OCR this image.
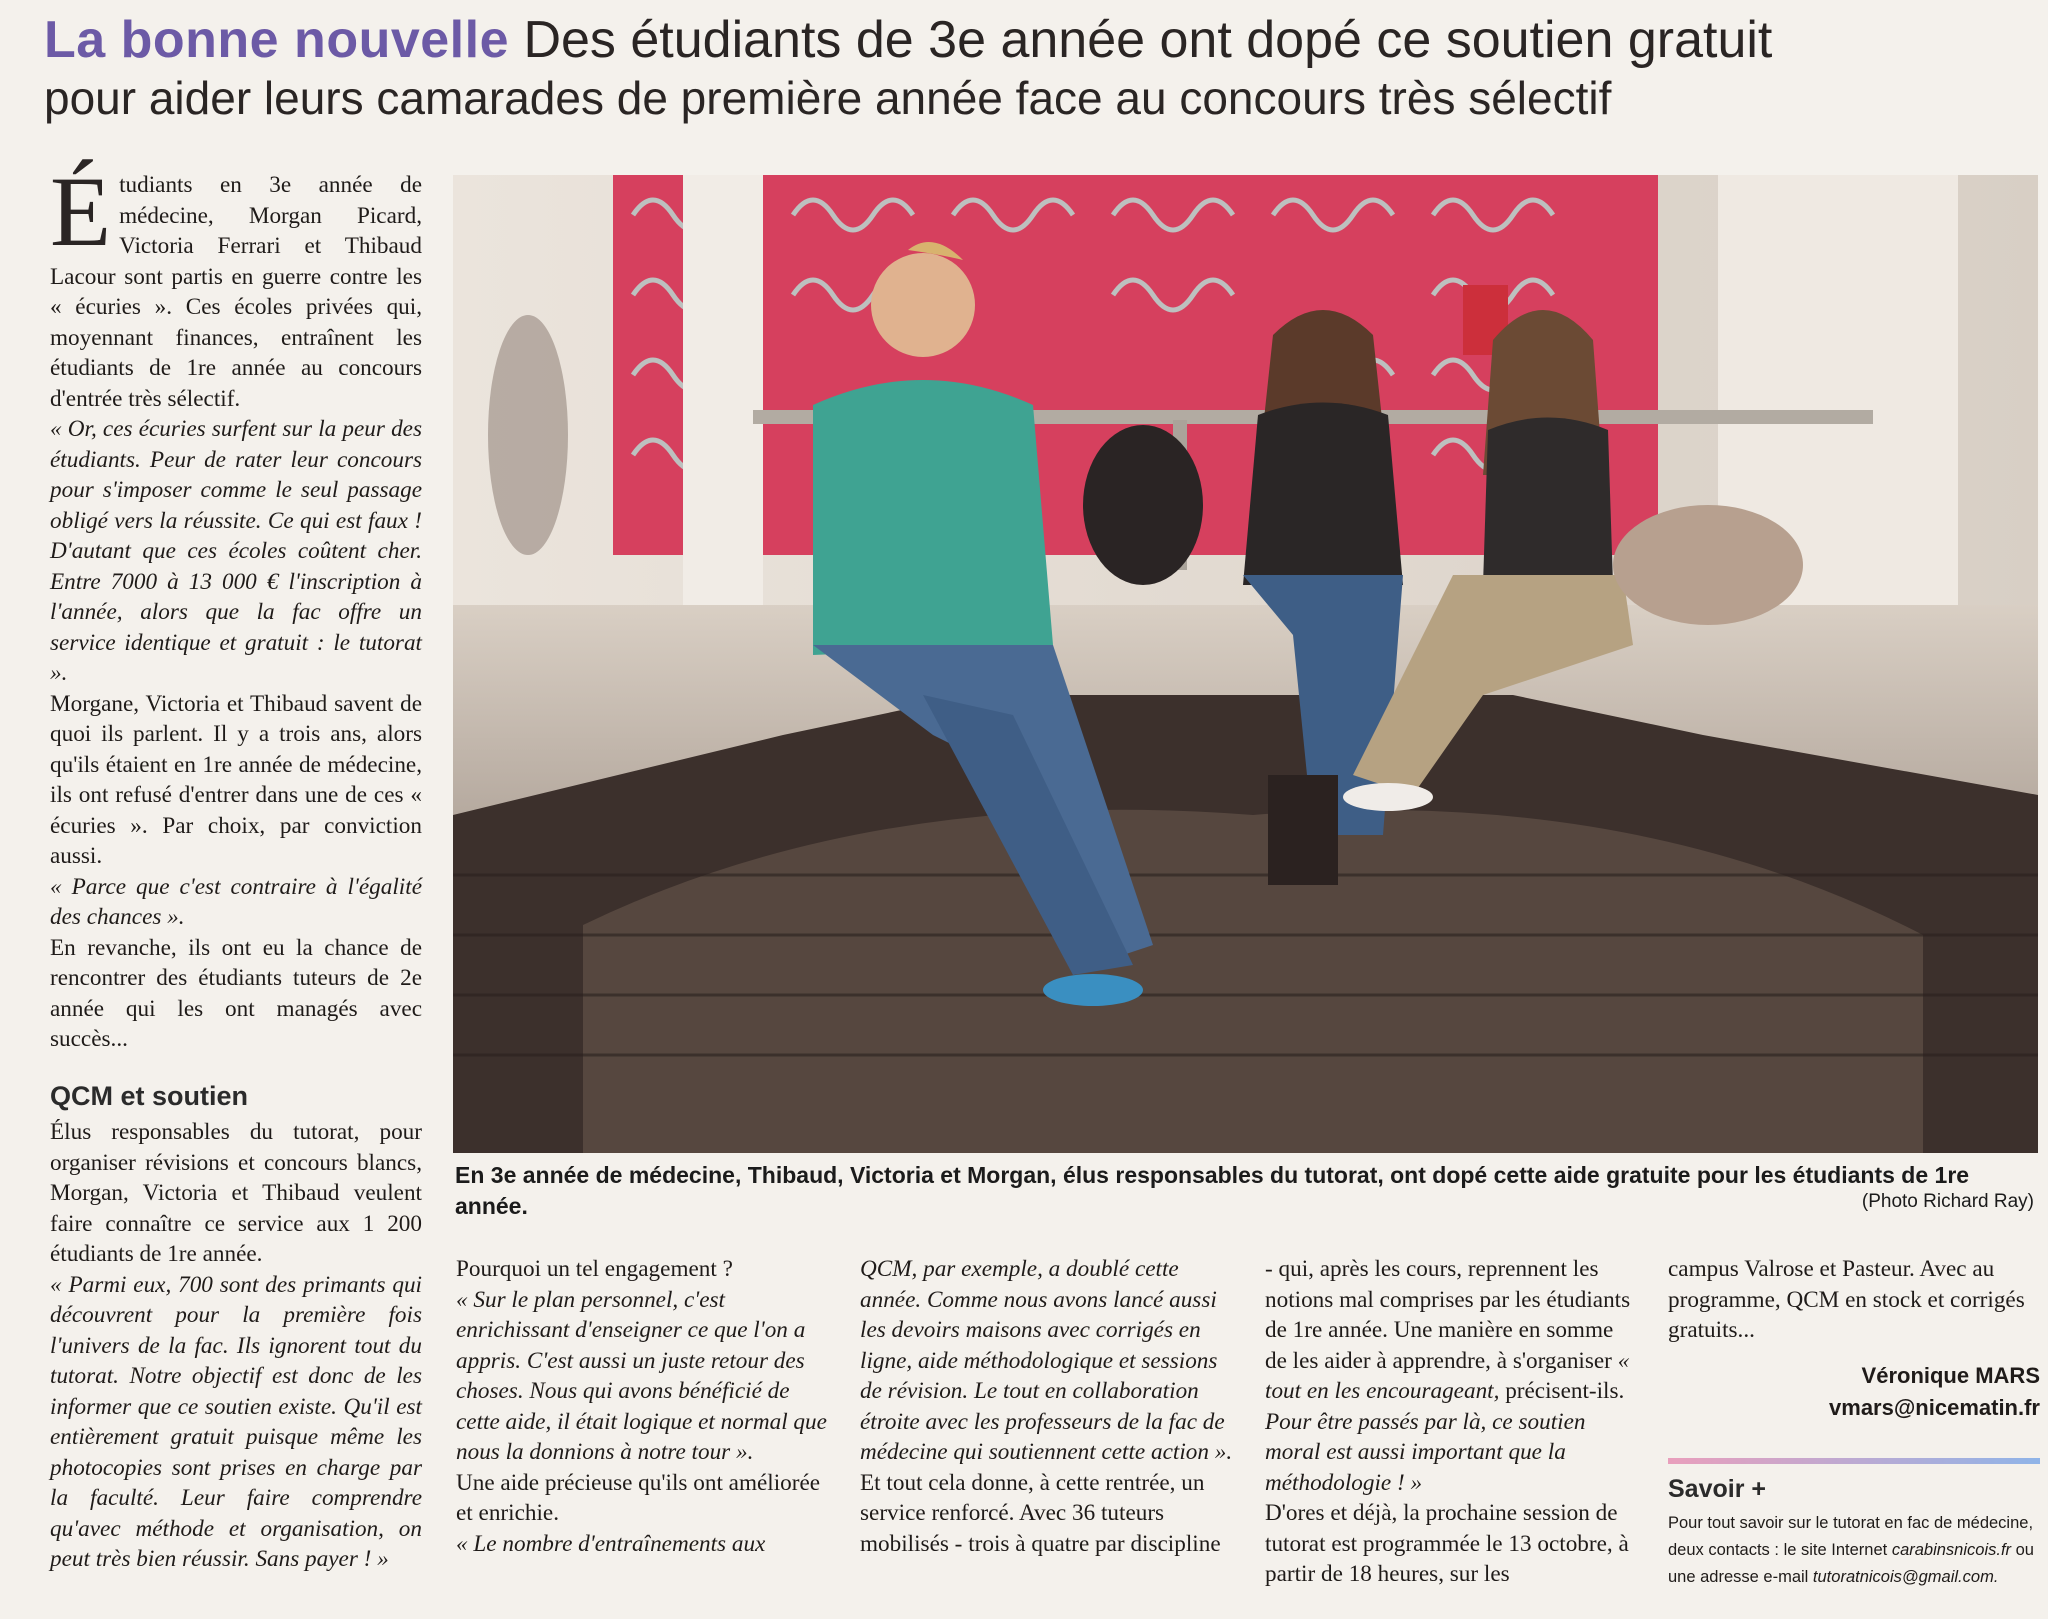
La bonne nouvelle Des étudiants de 3e année ont dopé ce soutien gratuit
pour aider leurs camarades de première année face au concours très sélectif

Étudiants en 3e année de médecine, Morgan Picard, Victoria Ferrari et Thibaud Lacour sont partis en guerre contre les « écuries ». Ces écoles privées qui, moyennant finances, entraînent les étudiants de 1re année au concours d'entrée très sélectif.

« Or, ces écuries surfent sur la peur des étudiants. Peur de rater leur concours pour s'imposer comme le seul passage obligé vers la réussite. Ce qui est faux ! D'autant que ces écoles coûtent cher. Entre 7000 à 13 000 € l'inscription à l'année, alors que la fac offre un service identique et gratuit : le tutorat ».

Morgane, Victoria et Thibaud savent de quoi ils parlent. Il y a trois ans, alors qu'ils étaient en 1re année de médecine, ils ont refusé d'entrer dans une de ces « écuries ». Par choix, par conviction aussi.

« Parce que c'est contraire à l'égalité des chances ».

En revanche, ils ont eu la chance de rencontrer des étudiants tuteurs de 2e année qui les ont managés avec succès...

QCM et soutien

Élus responsables du tutorat, pour organiser révisions et concours blancs, Morgan, Victoria et Thibaud veulent faire connaître ce service aux 1 200 étudiants de 1re année.

« Parmi eux, 700 sont des primants qui découvrent pour la première fois l'univers de la fac. Ils ignorent tout du tutorat. Notre objectif est donc de les informer que ce soutien existe. Qu'il est entièrement gratuit puisque même les photocopies sont prises en charge par la faculté. Leur faire comprendre qu'avec méthode et organisation, on peut très bien réussir. Sans payer ! »

En 3e année de médecine, Thibaud, Victoria et Morgan, élus responsables du tutorat, ont dopé cette aide gratuite pour les étudiants de 1re année.	(Photo Richard Ray)

Pourquoi un tel engagement ?

« Sur le plan personnel, c'est enrichissant d'enseigner ce que l'on a appris. C'est aussi un juste retour des choses. Nous qui avons bénéficié de cette aide, il était logique et normal que nous la donnions à notre tour ».

Une aide précieuse qu'ils ont améliorée et enrichie.

« Le nombre d'entraînements aux

QCM, par exemple, a doublé cette année. Comme nous avons lancé aussi les devoirs maisons avec corrigés en ligne, aide méthodologique et sessions de révision. Le tout en collaboration étroite avec les professeurs de la fac de médecine qui soutiennent cette action ».

Et tout cela donne, à cette rentrée, un service renforcé. Avec 36 tuteurs mobilisés - trois à quatre par discipline

- qui, après les cours, reprennent les notions mal comprises par les étudiants de 1re année. Une manière en somme de les aider à apprendre, à s'organiser « tout en les encourageant, précisent-ils. Pour être passés par là, ce soutien moral est aussi important que la méthodologie ! »

D'ores et déjà, la prochaine session de tutorat est programmée le 13 octobre, à partir de 18 heures, sur les

campus Valrose et Pasteur. Avec au programme, QCM en stock et corrigés gratuits...

Véronique MARS
vmars@nicematin.fr
Savoir +
Pour tout savoir sur le tutorat en fac de médecine, deux contacts : le site Internet carabinsnicois.fr ou une adresse e-mail tutoratnicois@gmail.com.
